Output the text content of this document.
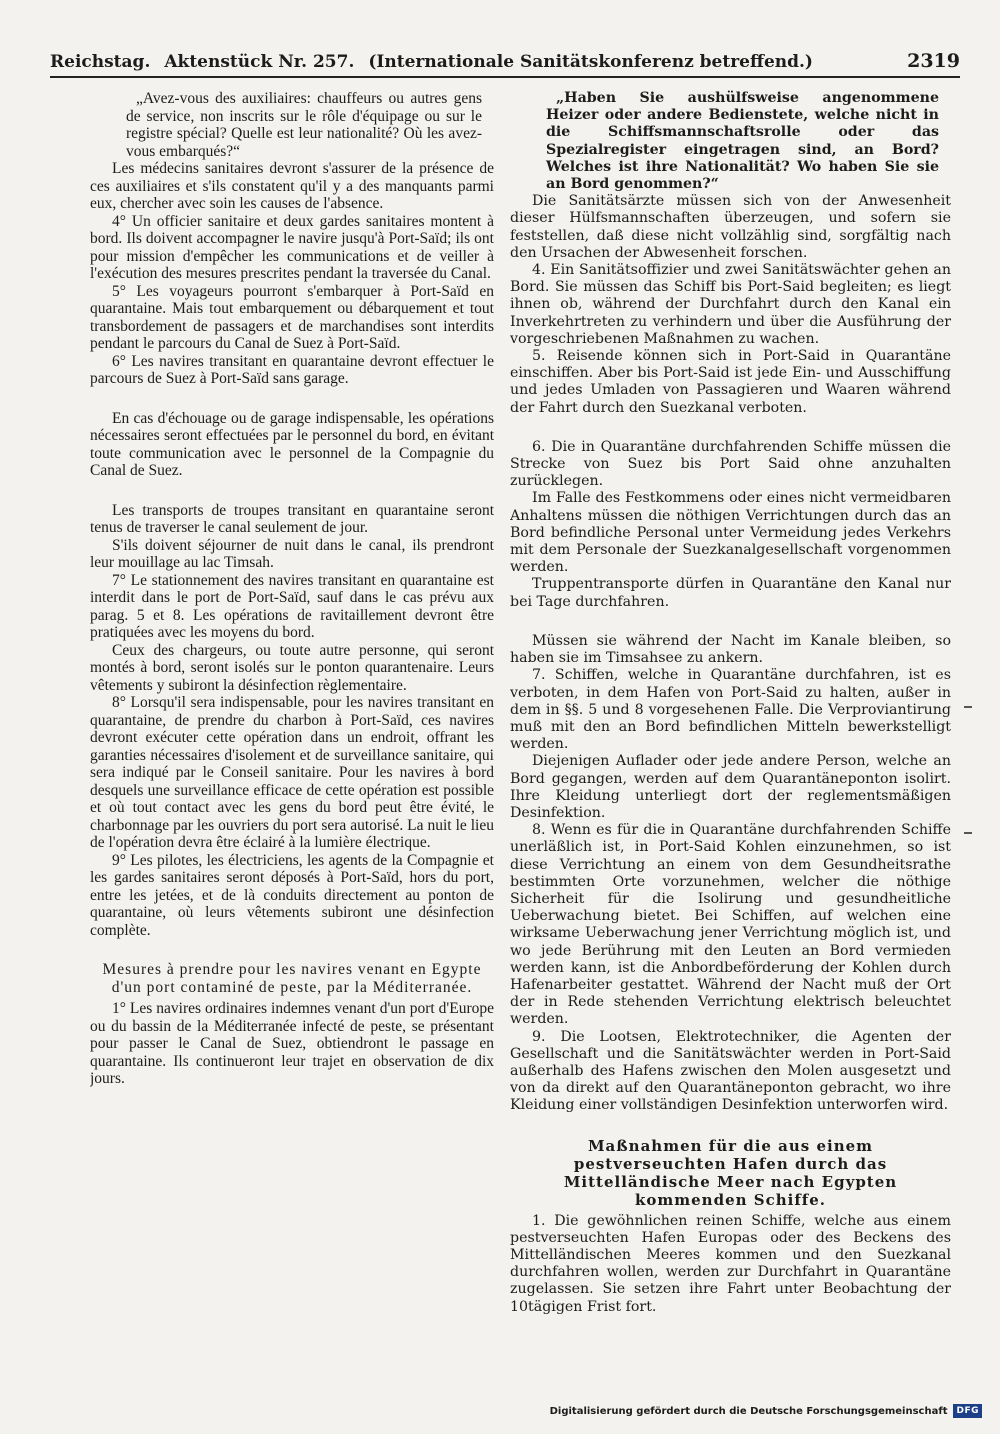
Reichstag. Aktenstück Nr. 257. (Internationale Sanitätskonferenz betreffend.)	2319

„Avez-vous des auxiliaires: chauffeurs ou autres gens de service, non inscrits sur le rôle d'équipage ou sur le registre spécial? Quelle est leur nationalité? Où les avez-vous embarqués?“

Les médecins sanitaires devront s'assurer de la présence de ces auxiliaires et s'ils constatent qu'il y a des manquants parmi eux, chercher avec soin les causes de l'absence.

4° Un officier sanitaire et deux gardes sanitaires montent à bord. Ils doivent accompagner le navire jusqu'à Port-Saïd; ils ont pour mission d'empêcher les communications et de veiller à l'exécution des mesures prescrites pendant la traversée du Canal.

5° Les voyageurs pourront s'embarquer à Port-Saïd en quarantaine. Mais tout embarquement ou débarquement et tout transbordement de passagers et de marchandises sont interdits pendant le parcours du Canal de Suez à Port-Saïd.

6° Les navires transitant en quarantaine devront effectuer le parcours de Suez à Port-Saïd sans garage.

En cas d'échouage ou de garage indispensable, les opérations nécessaires seront effectuées par le personnel du bord, en évitant toute communication avec le personnel de la Compagnie du Canal de Suez.

Les transports de troupes transitant en quarantaine seront tenus de traverser le canal seulement de jour.

S'ils doivent séjourner de nuit dans le canal, ils prendront leur mouillage au lac Timsah.

7° Le stationnement des navires transitant en quarantaine est interdit dans le port de Port-Saïd, sauf dans le cas prévu aux parag. 5 et 8. Les opérations de ravitaillement devront être pratiquées avec les moyens du bord.

Ceux des chargeurs, ou toute autre personne, qui seront montés à bord, seront isolés sur le ponton quarantenaire. Leurs vêtements y subiront la désinfection règlementaire.

8° Lorsqu'il sera indispensable, pour les navires transitant en quarantaine, de prendre du charbon à Port-Saïd, ces navires devront exécuter cette opération dans un endroit, offrant les garanties nécessaires d'isolement et de surveillance sanitaire, qui sera indiqué par le Conseil sanitaire. Pour les navires à bord desquels une surveillance efficace de cette opération est possible et où tout contact avec les gens du bord peut être évité, le charbonnage par les ouvriers du port sera autorisé. La nuit le lieu de l'opération devra être éclairé à la lumière électrique.

9° Les pilotes, les électriciens, les agents de la Compagnie et les gardes sanitaires seront déposés à Port-Saïd, hors du port, entre les jetées, et de là conduits directement au ponton de quarantaine, où leurs vêtements subiront une désinfection complète.

Mesures à prendre pour les navires venant en Egypte d'un port contaminé de peste, par la Méditerranée.

1° Les navires ordinaires indemnes venant d'un port d'Europe ou du bassin de la Méditerranée infecté de peste, se présentant pour passer le Canal de Suez, obtiendront le passage en quarantaine. Ils continueront leur trajet en observation de dix jours.

„Haben Sie aushülfsweise angenommene Heizer oder andere Bedienstete, welche nicht in die Schiffsmannschaftsrolle oder das Spezialregister eingetragen sind, an Bord? Welches ist ihre Nationalität? Wo haben Sie sie an Bord genommen?“

Die Sanitätsärzte müssen sich von der Anwesenheit dieser Hülfsmannschaften überzeugen, und sofern sie feststellen, daß diese nicht vollzählig sind, sorgfältig nach den Ursachen der Abwesenheit forschen.

4. Ein Sanitätsoffizier und zwei Sanitätswächter gehen an Bord. Sie müssen das Schiff bis Port-Said begleiten; es liegt ihnen ob, während der Durchfahrt durch den Kanal ein Inverkehrtreten zu verhindern und über die Ausführung der vorgeschriebenen Maßnahmen zu wachen.

5. Reisende können sich in Port-Said in Quarantäne einschiffen. Aber bis Port-Said ist jede Ein- und Ausschiffung und jedes Umladen von Passagieren und Waaren während der Fahrt durch den Suezkanal verboten.

6. Die in Quarantäne durchfahrenden Schiffe müssen die Strecke von Suez bis Port Said ohne anzuhalten zurücklegen.

Im Falle des Festkommens oder eines nicht vermeidbaren Anhaltens müssen die nöthigen Verrichtungen durch das an Bord befindliche Personal unter Vermeidung jedes Verkehrs mit dem Personale der Suezkanalgesellschaft vorgenommen werden.

Truppentransporte dürfen in Quarantäne den Kanal nur bei Tage durchfahren.

Müssen sie während der Nacht im Kanale bleiben, so haben sie im Timsahsee zu ankern.

7. Schiffen, welche in Quarantäne durchfahren, ist es verboten, in dem Hafen von Port-Said zu halten, außer in dem in §§. 5 und 8 vorgesehenen Falle. Die Verproviantirung muß mit den an Bord befindlichen Mitteln bewerkstelligt werden.

Diejenigen Auflader oder jede andere Person, welche an Bord gegangen, werden auf dem Quarantäneponton isolirt. Ihre Kleidung unterliegt dort der reglementsmäßigen Desinfektion.

8. Wenn es für die in Quarantäne durchfahrenden Schiffe unerläßlich ist, in Port-Said Kohlen einzunehmen, so ist diese Verrichtung an einem von dem Gesundheitsrathe bestimmten Orte vorzunehmen, welcher die nöthige Sicherheit für die Isolirung und gesundheitliche Ueberwachung bietet. Bei Schiffen, auf welchen eine wirksame Ueberwachung jener Verrichtung möglich ist, und wo jede Berührung mit den Leuten an Bord vermieden werden kann, ist die Anbordbeförderung der Kohlen durch Hafenarbeiter gestattet. Während der Nacht muß der Ort der in Rede stehenden Verrichtung elektrisch beleuchtet werden.

9. Die Lootsen, Elektrotechniker, die Agenten der Gesellschaft und die Sanitätswächter werden in Port-Said außerhalb des Hafens zwischen den Molen ausgesetzt und von da direkt auf den Quarantäneponton gebracht, wo ihre Kleidung einer vollständigen Desinfektion unterworfen wird.

Maßnahmen für die aus einem pestverseuchten Hafen durch das Mittelländische Meer nach Egypten kommenden Schiffe.

1. Die gewöhnlichen reinen Schiffe, welche aus einem pestverseuchten Hafen Europas oder des Beckens des Mittelländischen Meeres kommen und den Suezkanal durchfahren wollen, werden zur Durchfahrt in Quarantäne zugelassen. Sie setzen ihre Fahrt unter Beobachtung der 10tägigen Frist fort.

Digitalisierung gefördert durch die Deutsche Forschungsgemeinschaft	DFG
